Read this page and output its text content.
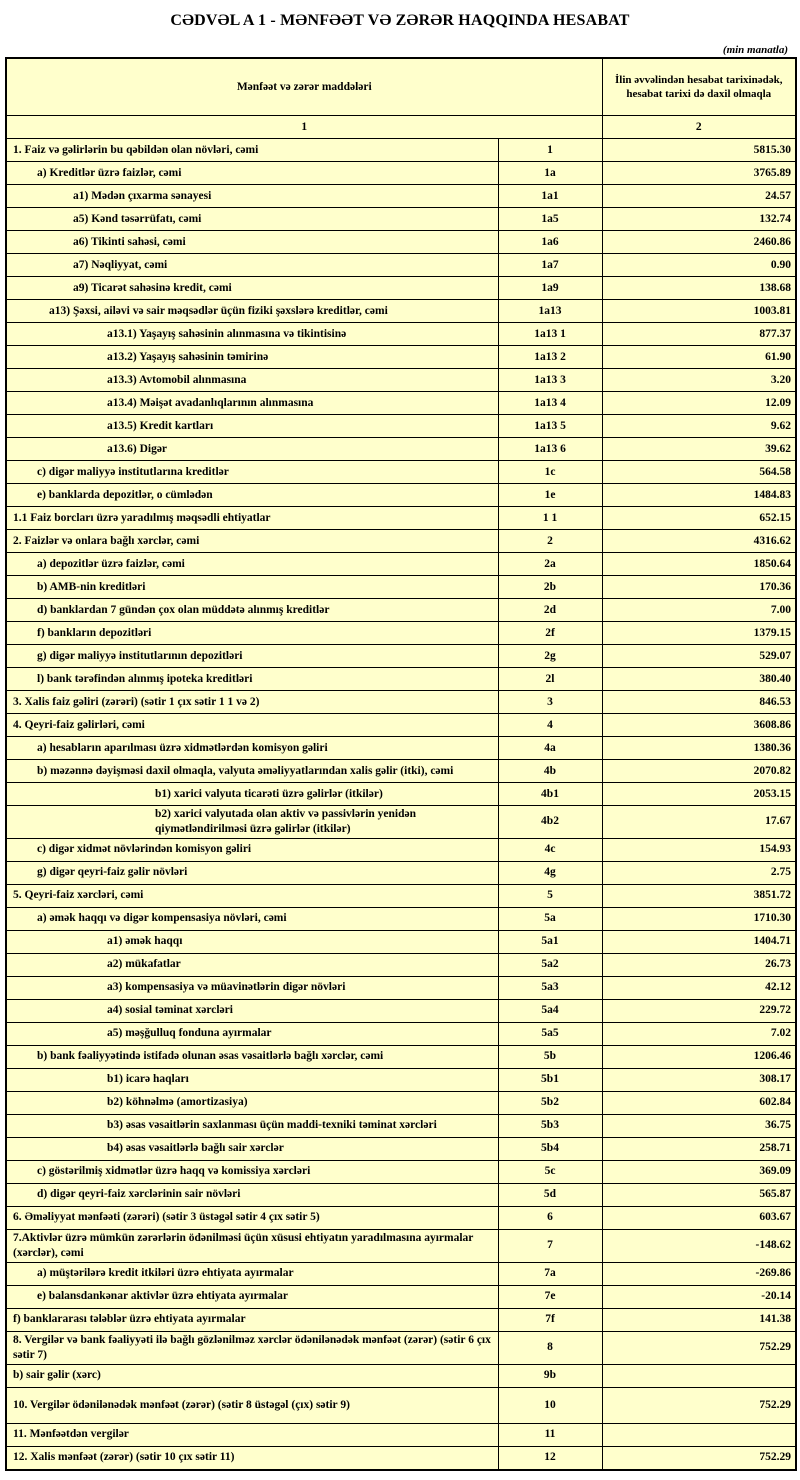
CƏDVƏL A 1 - MƏNFƏƏT VƏ ZƏRƏR HAQQINDA HESABAT
(min manatla)
Mənfəət və zərər maddələri		İlin əvvəlindən hesabat tarixinədək, hesabat tarixi də daxil olmaqla

1		2
1. Faiz və gəlirlərin bu qəbildən olan növləri, cəmi	1	5815.30
a) Kreditlər üzrə faizlər, cəmi	1a	3765.89
a1) Mədən çıxarma sənayesi	1a1	24.57
a5) Kənd təsərrüfatı, cəmi	1a5	132.74
a6) Tikinti sahəsi, cəmi	1a6	2460.86
a7) Nəqliyyat, cəmi	1a7	0.90
a9) Ticarət sahəsinə kredit, cəmi	1a9	138.68
a13) Şəxsi, ailəvi və sair məqsədlər üçün fiziki şəxslərə kreditlər, cəmi	1a13	1003.81
a13.1) Yaşayış sahəsinin alınmasına və tikintisinə	1a13 1	877.37
a13.2) Yaşayış sahəsinin təmirinə	1a13 2	61.90
a13.3) Avtomobil alınmasına	1a13 3	3.20
a13.4) Məişət avadanlıqlarının alınmasına	1a13 4	12.09
a13.5) Kredit kartları	1a13 5	9.62
a13.6) Digər	1a13 6	39.62
c) digər maliyyə institutlarına kreditlər	1c	564.58
e) banklarda depozitlər, o cümlədən	1e	1484.83
1.1 Faiz borcları üzrə yaradılmış məqsədli ehtiyatlar	1 1	652.15
2. Faizlər və onlara bağlı xərclər, cəmi	2	4316.62
a) depozitlər üzrə faizlər, cəmi	2a	1850.64
b) AMB-nin kreditləri	2b	170.36
d) banklardan 7 gündən çox olan müddətə alınmış kreditlər	2d	7.00
f) bankların depozitləri	2f	1379.15
g) digər maliyyə institutlarının depozitləri	2g	529.07
l) bank tərəfindən alınmış ipoteka kreditləri	2l	380.40
3. Xalis faiz gəliri (zərəri) (sətir 1 çıx sətir 1 1 və 2)	3	846.53
4. Qeyri-faiz gəlirləri, cəmi	4	3608.86
a) hesabların aparılması üzrə xidmətlərdən komisyon gəliri	4a	1380.36
b) məzənnə dəyişməsi daxil olmaqla, valyuta əməliyyatlarından xalis gəlir (itki), cəmi	4b	2070.82
b1) xarici valyuta ticarəti üzrə gəlirlər (itkilər)	4b1	2053.15
b2) xarici valyutada olan aktiv və passivlərin yenidən qiymətləndirilməsi üzrə gəlirlər (itkilər)	4b2	17.67
c) digər xidmət növlərindən komisyon gəliri	4c	154.93
g) digər qeyri-faiz gəlir növləri	4g	2.75
5. Qeyri-faiz xərcləri, cəmi	5	3851.72
a) əmək haqqı və digər kompensasiya növləri, cəmi	5a	1710.30
a1) əmək haqqı	5a1	1404.71
a2) mükafatlar	5a2	26.73
a3) kompensasiya və müavinətlərin digər növləri	5a3	42.12
a4) sosial təminat xərcləri	5a4	229.72
a5) məşğulluq fonduna ayırmalar	5a5	7.02
b) bank fəaliyyətində istifadə olunan əsas vəsaitlərlə bağlı xərclər, cəmi	5b	1206.46
b1) icarə haqları	5b1	308.17
b2) köhnəlmə (amortizasiya)	5b2	602.84
b3) əsas vəsaitlərin saxlanması üçün maddi-texniki təminat xərcləri	5b3	36.75
b4) əsas vəsaitlərlə bağlı sair xərclər	5b4	258.71
c) göstərilmiş xidmətlər üzrə haqq və komissiya xərcləri	5c	369.09
d) digər qeyri-faiz xərclərinin sair növləri	5d	565.87
6. Əməliyyat mənfəəti (zərəri) (sətir 3 üstəgəl sətir 4 çıx sətir 5)	6	603.67
7.Aktivlər üzrə mümkün zərərlərin ödənilməsi üçün xüsusi ehtiyatın yaradılmasına ayırmalar (xərclər), cəmi	7	-148.62
a) müştərilərə kredit itkiləri üzrə ehtiyata ayırmalar	7a	-269.86
e) balansdankənar aktivlər üzrə ehtiyata ayırmalar	7e	-20.14
f) banklararası tələblər üzrə ehtiyata ayırmalar	7f	141.38
8. Vergilər və bank fəaliyyəti ilə bağlı gözlənilməz xərclər ödənilənədək mənfəət (zərər) (sətir 6 çıx sətir 7)	8	752.29
b) sair gəlir (xərc)	9b	
10. Vergilər ödənilənədək mənfəət (zərər) (sətir 8 üstəgəl (çıx) sətir 9)	10	752.29
11. Mənfəətdən vergilər	11	
12. Xalis mənfəət (zərər) (sətir 10 çıx sətir 11)	12	752.29
